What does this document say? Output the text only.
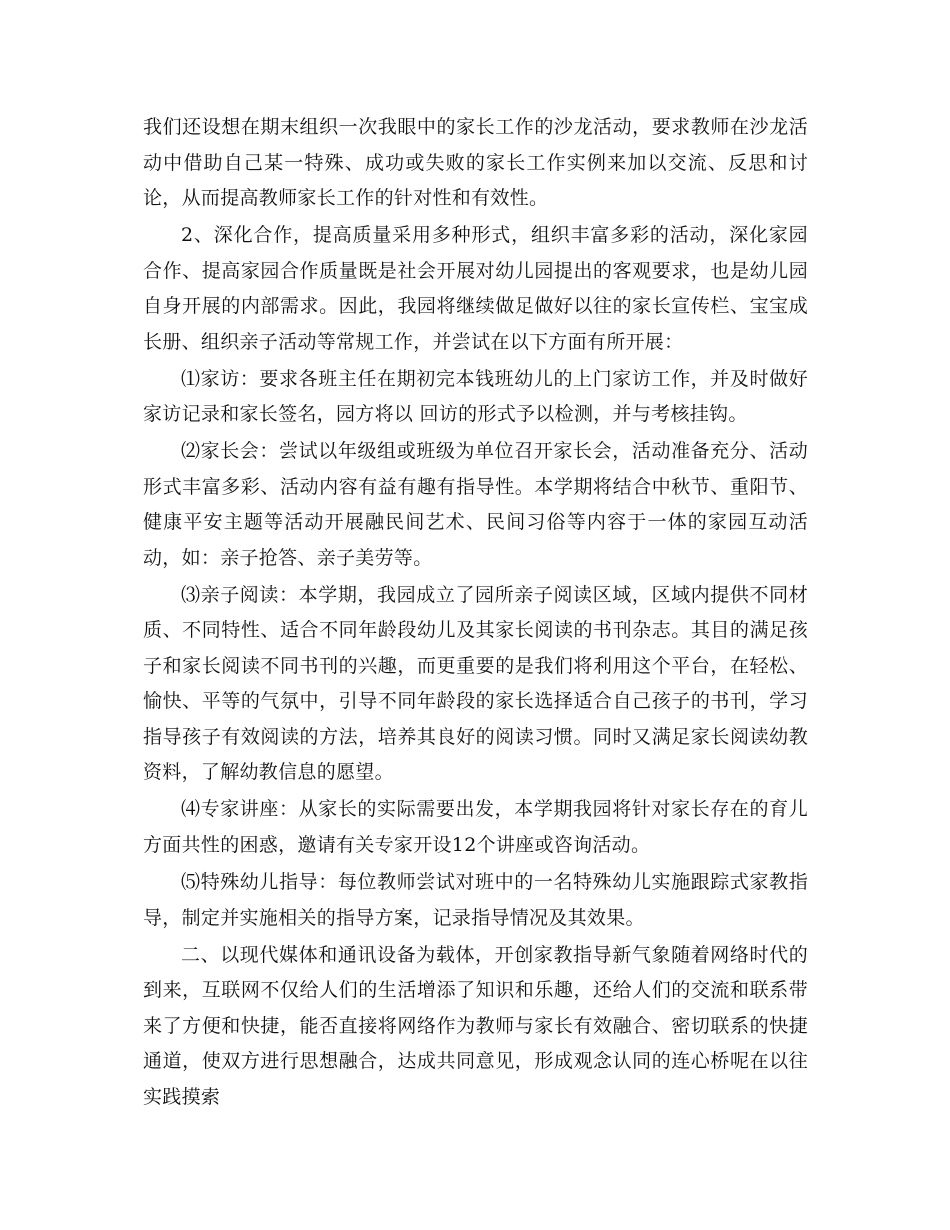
我们还设想在期末组织一次我眼中的家长工作的沙龙活动，要求教师在沙龙活动中借助自己某一特殊、成功或失败的家长工作实例来加以交流、反思和讨论，从而提高教师家长工作的针对性和有效性。

2、深化合作，提高质量采用多种形式，组织丰富多彩的活动，深化家园合作、提高家园合作质量既是社会开展对幼儿园提出的客观要求，也是幼儿园自身开展的内部需求。因此，我园将继续做足做好以往的家长宣传栏、宝宝成长册、组织亲子活动等常规工作，并尝试在以下方面有所开展：

⑴家访：要求各班主任在期初完本钱班幼儿的上门家访工作，并及时做好家访记录和家长签名，园方将以 回访的形式予以检测，并与考核挂钩。

⑵家长会：尝试以年级组或班级为单位召开家长会，活动准备充分、活动形式丰富多彩、活动内容有益有趣有指导性。本学期将结合中秋节、重阳节、健康平安主题等活动开展融民间艺术、民间习俗等内容于一体的家园互动活动，如：亲子抢答、亲子美劳等。

⑶亲子阅读：本学期，我园成立了园所亲子阅读区域，区域内提供不同材质、不同特性、适合不同年龄段幼儿及其家长阅读的书刊杂志。其目的满足孩子和家长阅读不同书刊的兴趣，而更重要的是我们将利用这个平台，在轻松、愉快、平等的气氛中，引导不同年龄段的家长选择适合自己孩子的书刊，学习指导孩子有效阅读的方法，培养其良好的阅读习惯。同时又满足家长阅读幼教资料，了解幼教信息的愿望。

⑷专家讲座：从家长的实际需要出发，本学期我园将针对家长存在的育儿方面共性的困惑，邀请有关专家开设12个讲座或咨询活动。

⑸特殊幼儿指导：每位教师尝试对班中的一名特殊幼儿实施跟踪式家教指导，制定并实施相关的指导方案，记录指导情况及其效果。

二、以现代媒体和通讯设备为载体，开创家教指导新气象随着网络时代的到来，互联网不仅给人们的生活增添了知识和乐趣，还给人们的交流和联系带来了方便和快捷，能否直接将网络作为教师与家长有效融合、密切联系的快捷通道，使双方进行思想融合，达成共同意见，形成观念认同的连心桥呢在以往实践摸索
